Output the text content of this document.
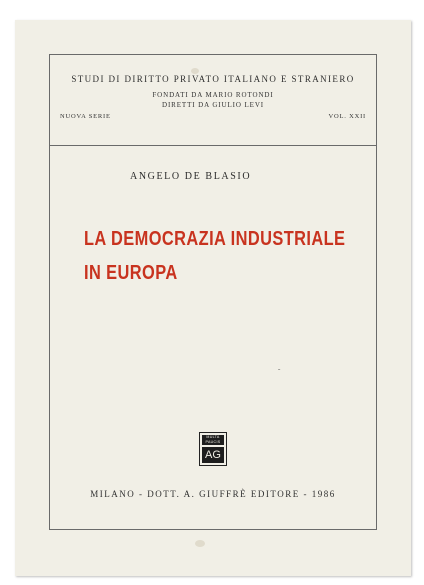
STUDI DI DIRITTO PRIVATO ITALIANO E STRANIERO
FONDATI DA MARIO ROTONDI
DIRETTI DA GIULIO LEVI
NUOVA SERIE	VOL. XXII
ANGELO DE BLASIO
LA DEMOCRAZIA INDUSTRIALE
IN EUROPA
ˇ
MULTA PAUCIS
AG
MILANO - DOTT. A. GIUFFRÈ EDITORE - 1986
